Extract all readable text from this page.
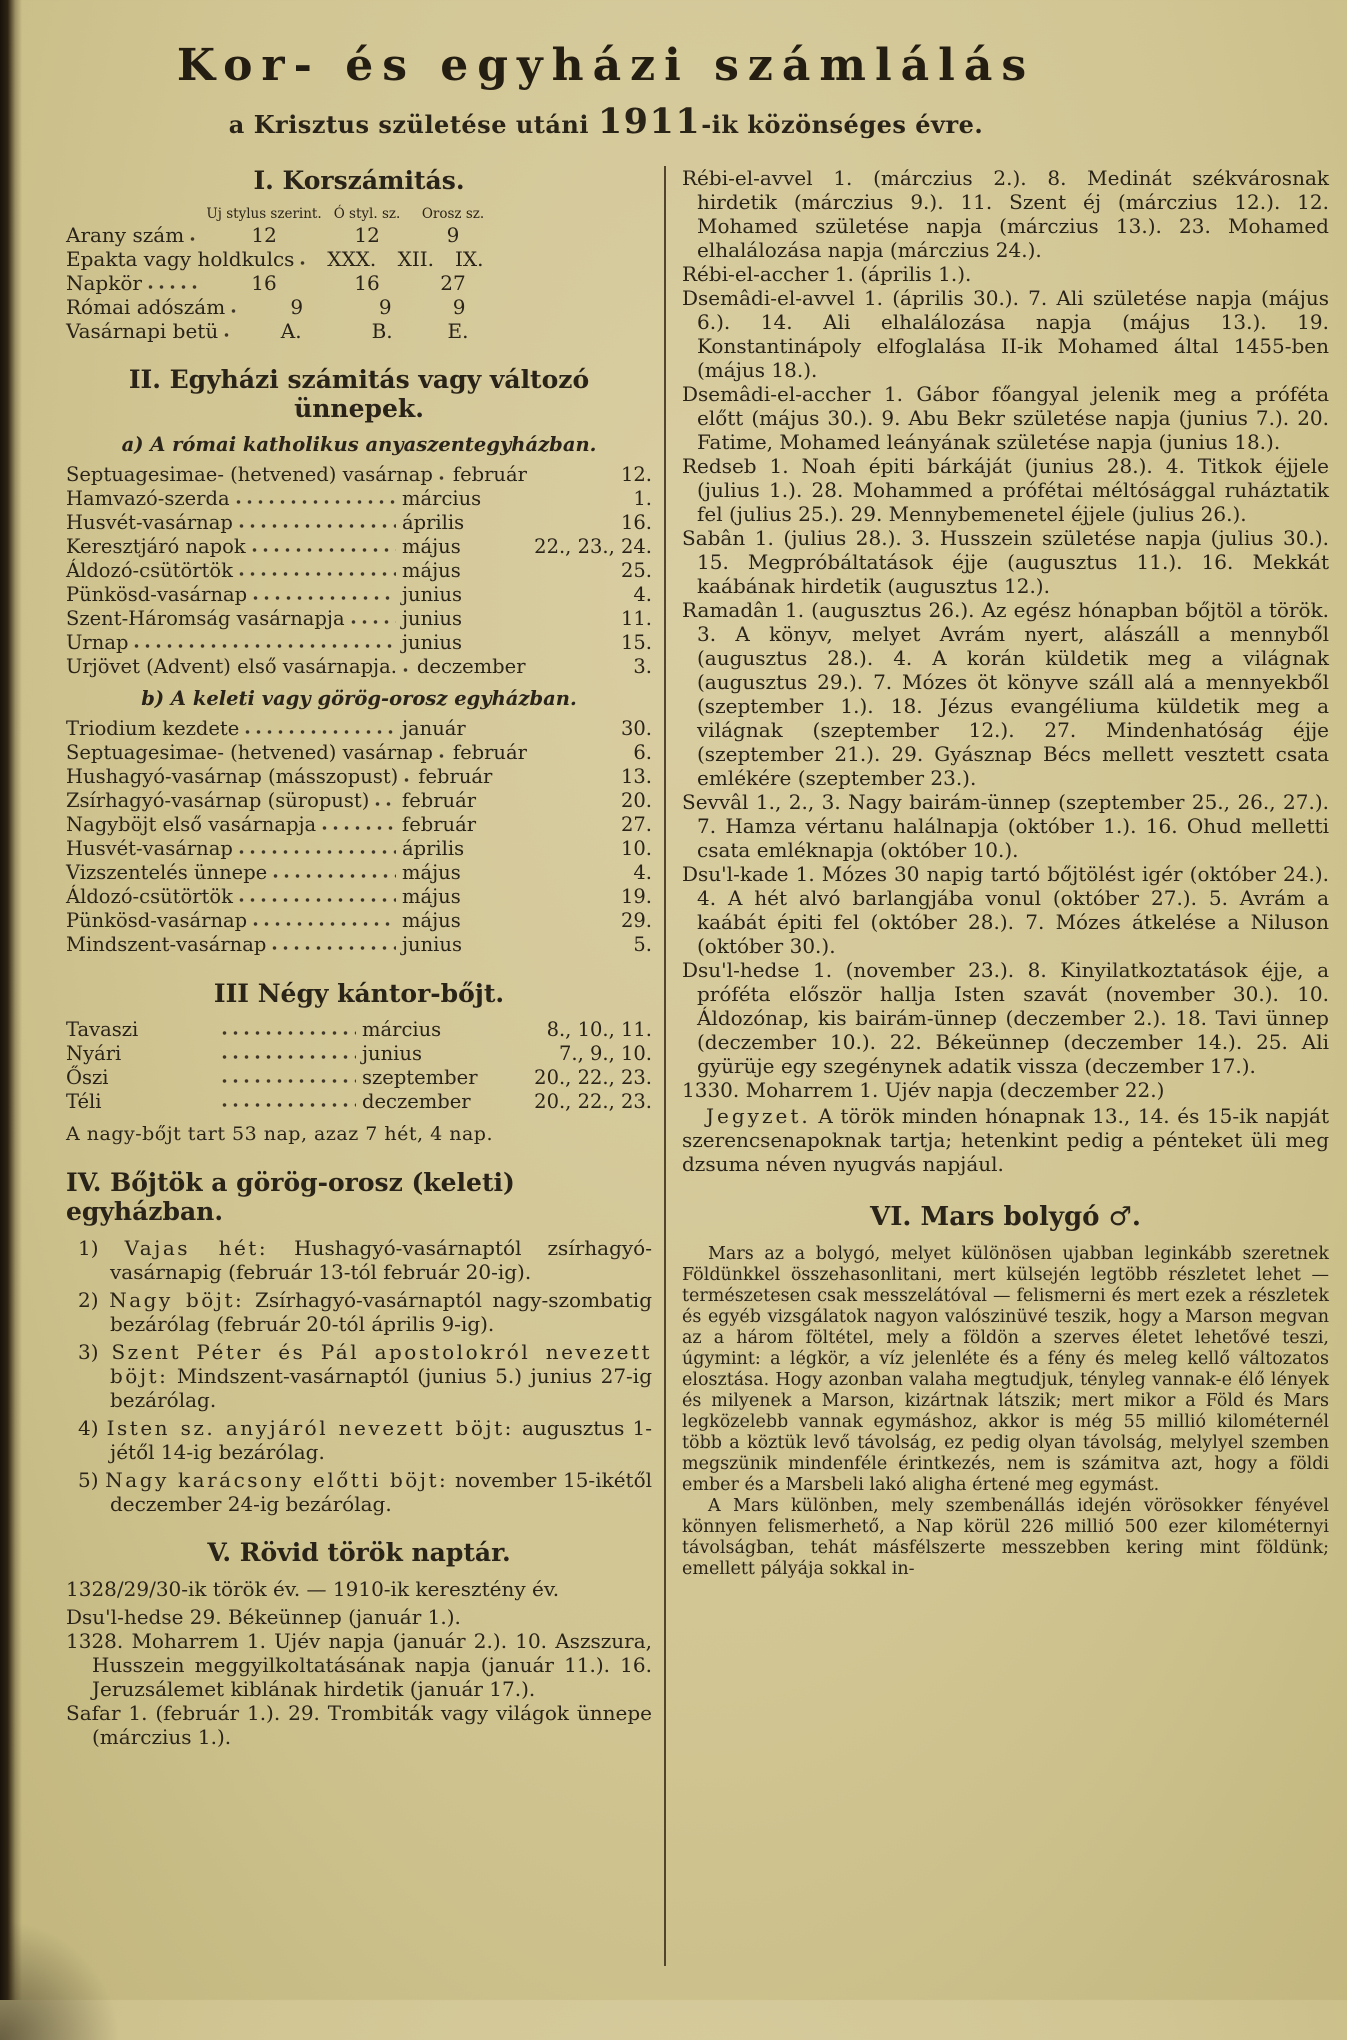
Kor- és egyházi számlálás

a Krisztus születése utáni 1911-ik közönséges évre.

I. Korszámitás.
Uj stylus szerint. Ó styl. sz.	Orosz sz.
Arany szám	12	12	9
Epakta vagy holdkulcs	XXX.	XII.	IX.
Napkör	16	16	27
Római adószám	9	9	9
Vasárnapi betü	A.	B.	E.
II. Egyházi számitás vagy változó ünnepek.
a) A római katholikus anyaszentegyházban.
Septuagesimae- (hetvened) vasárnap február	12.
Hamvazó-szerda	március	1.
Husvét-vasárnap	április	16.
Keresztjáró napok	május	22., 23., 24.
Áldozó-csütörtök	május	25.
Pünkösd-vasárnap	junius	4.
Szent-Háromság vasárnapja	junius	11.
Urnap	junius	15.
Urjövet (Advent) első vasárnapja. deczember	3.
b) A keleti vagy görög-orosz egyházban.
Triodium kezdete	január	30.
Septuagesimae- (hetvened) vasárnap február	6.
Hushagyó-vasárnap (másszopust) február	13.
Zsírhagyó-vasárnap (süropust) február	20.
Nagyböjt első vasárnapja	február	27.
Husvét-vasárnap	április	10.
Vizszentelés ünnepe	május	4.
Áldozó-csütörtök	május	19.
Pünkösd-vasárnap	május	29.
Mindszent-vasárnap	junius	5.
III Négy kántor-bőjt.
Tavaszi	március	8., 10., 11.
Nyári	junius	7., 9., 10.
Őszi	szeptember	20., 22., 23.
Téli	deczember	20., 22., 23.

A nagy-bőjt tart 53 nap, azaz 7 hét, 4 nap.

IV. Bőjtök a görög-orosz (keleti) egyházban.

1) Vajas hét: Hushagyó-vasárnaptól zsírhagyó-vasárnapig (február 13-tól február 20-ig).

2) Nagy böjt: Zsírhagyó-vasárnaptól nagy-szombatig bezárólag (február 20-tól április 9-ig).

3) Szent Péter és Pál apostolokról nevezett böjt: Mindszent-vasárnaptól (junius 5.) junius 27-ig bezárólag.

4) Isten sz. anyjáról nevezett böjt: augusztus 1-jétől 14-ig bezárólag.

5) Nagy karácsony előtti böjt: november 15-ikétől deczember 24-ig bezárólag.

V. Rövid török naptár.

1328/29/30-ik török év. — 1910-ik keresztény év.

Dsu'l-hedse 29. Békeünnep (január 1.).

1328. Moharrem 1. Ujév napja (január 2.). 10. Aszszura, Husszein meggyilkoltatásának napja (január 11.). 16. Jeruzsálemet kiblának hirdetik (január 17.).

Safar 1. (február 1.). 29. Trombiták vagy világok ünnepe (márczius 1.).

Rébi-el-avvel 1. (márczius 2.). 8. Medinát székvárosnak hirdetik (márczius 9.). 11. Szent éj (márczius 12.). 12. Mohamed születése napja (márczius 13.). 23. Mohamed elhalálozása napja (márczius 24.).

Rébi-el-accher 1. (április 1.).

Dsemâdi-el-avvel 1. (április 30.). 7. Ali születése napja (május 6.). 14. Ali elhalálozása napja (május 13.). 19. Konstantinápoly elfoglalása II-ik Mohamed által 1455-ben (május 18.).

Dsemâdi-el-accher 1. Gábor főangyal jelenik meg a próféta előtt (május 30.). 9. Abu Bekr születése napja (junius 7.). 20. Fatime, Mohamed leányának születése napja (junius 18.).

Redseb 1. Noah épiti bárkáját (junius 28.). 4. Titkok éjjele (julius 1.). 28. Mohammed a prófétai méltósággal ruháztatik fel (julius 25.). 29. Mennybemenetel éjjele (julius 26.).

Sabân 1. (julius 28.). 3. Husszein születése napja (julius 30.). 15. Megpróbáltatások éjje (augusztus 11.). 16. Mekkát kaábának hirdetik (augusztus 12.).

Ramadân 1. (augusztus 26.). Az egész hónapban bőjtöl a török. 3. A könyv, melyet Avrám nyert, alászáll a mennyből (augusztus 28.). 4. A korán küldetik meg a világnak (augusztus 29.). 7. Mózes öt könyve száll alá a mennyekből (szeptember 1.). 18. Jézus evangéliuma küldetik meg a világnak (szeptember 12.). 27. Mindenhatóság éjje (szeptember 21.). 29. Gyásznap Bécs mellett vesztett csata emlékére (szeptember 23.).

Sevvâl 1., 2., 3. Nagy bairám-ünnep (szeptember 25., 26., 27.). 7. Hamza vértanu halálnapja (október 1.). 16. Ohud melletti csata emléknapja (október 10.).

Dsu'l-kade 1. Mózes 30 napig tartó bőjtölést igér (október 24.). 4. A hét alvó barlangjába vonul (október 27.). 5. Avrám a kaábát épiti fel (október 28.). 7. Mózes átkelése a Niluson (október 30.).

Dsu'l-hedse 1. (november 23.). 8. Kinyilatkoztatások éjje, a próféta először hallja Isten szavát (november 30.). 10. Áldozónap, kis bairám-ünnep (deczember 2.). 18. Tavi ünnep (deczember 10.). 22. Békeünnep (deczember 14.). 25. Ali gyürüje egy szegénynek adatik vissza (deczember 17.).

1330. Moharrem 1. Ujév napja (deczember 22.)

Jegyzet. A török minden hónapnak 13., 14. és 15-ik napját szerencsenapoknak tartja; hetenkint pedig a pénteket üli meg dzsuma néven nyugvás napjául.

VI. Mars bolygó ♂.

Mars az a bolygó, melyet különösen ujabban leginkább szeretnek Földünkkel összehasonlitani, mert külsején legtöbb részletet lehet — természetesen csak messzelátóval — felismerni és mert ezek a részletek és egyéb vizsgálatok nagyon valószinüvé teszik, hogy a Marson megvan az a három föltétel, mely a földön a szerves életet lehetővé teszi, úgymint: a légkör, a víz jelenléte és a fény és meleg kellő változatos elosztása. Hogy azonban valaha megtudjuk, tényleg vannak-e élő lények és milyenek a Marson, kizártnak látszik; mert mikor a Föld és Mars legközelebb vannak egymáshoz, akkor is még 55 millió kilométernél több a köztük levő távolság, ez pedig olyan távolság, melylyel szemben megszünik mindenféle érintkezés, nem is számitva azt, hogy a földi ember és a Marsbeli lakó aligha értené meg egymást.

A Mars különben, mely szembenállás idején vörösokker fényével könnyen felismerhető, a Nap körül 226 millió 500 ezer kilométernyi távolságban, tehát másfélszerte messzebben kering mint földünk; emellett pályája sokkal in-
